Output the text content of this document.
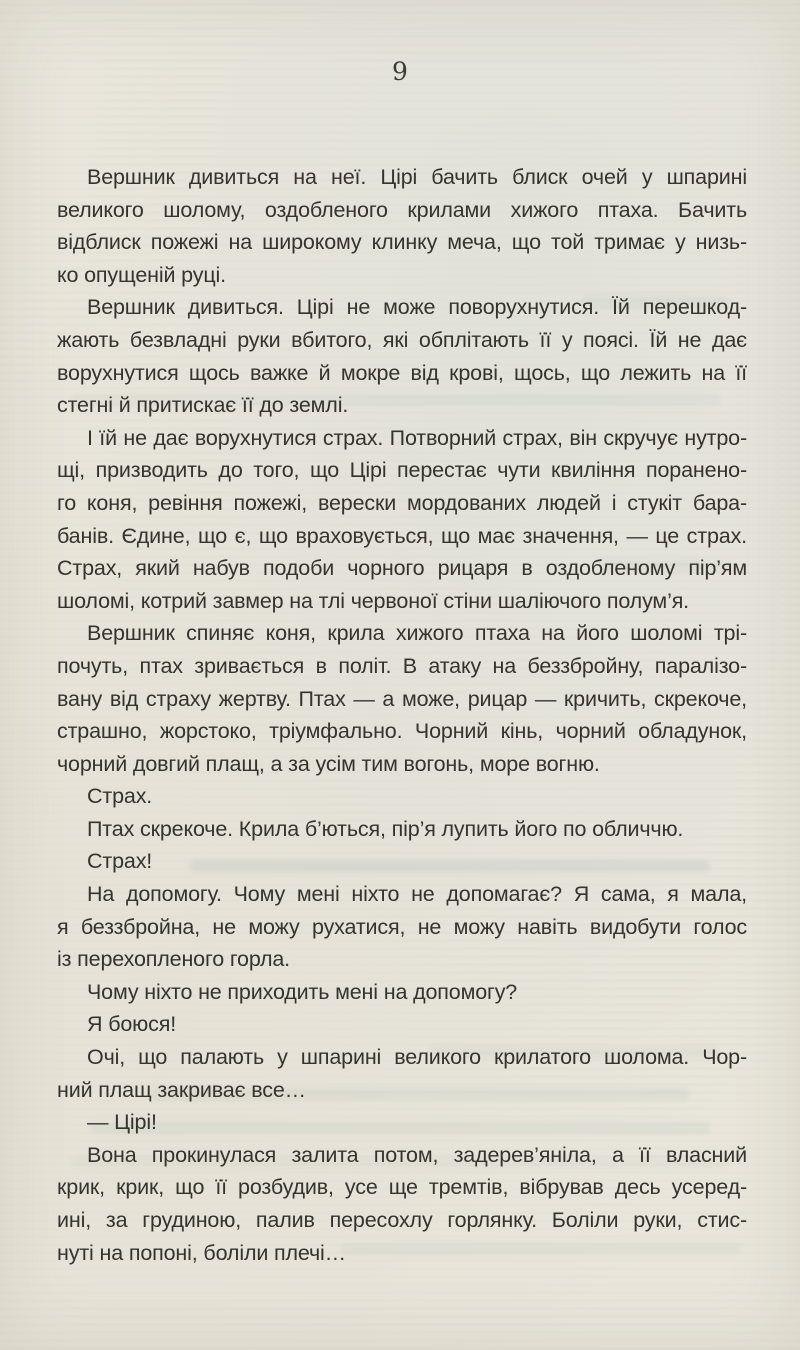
9
Вершник дивиться на неї. Цірі бачить блиск очей у шпарині
великого шолому, оздобленого крилами хижого птаха. Бачить
відблиск пожежі на широкому клинку меча, що той тримає у низь-
ко опущеній руці.
Вершник дивиться. Цірі не може поворухнутися. Їй перешкод-
жають безвладні руки вбитого, які обплітають її у поясі. Їй не дає
ворухнутися щось важке й мокре від крові, щось, що лежить на її
стегні й притискає її до землі.
І їй не дає ворухнутися страх. Потворний страх, він скручує нутро-
щі, призводить до того, що Цірі перестає чути квиління поранено-
го коня, ревіння пожежі, верески мордованих людей і стукіт бара-
банів. Єдине, що є, що враховується, що має значення, — це страх.
Страх, який набув подоби чорного рицаря в оздобленому пір’ям
шоломі, котрий завмер на тлі червоної стіни шаліючого полум’я.
Вершник спиняє коня, крила хижого птаха на його шоломі трі-
почуть, птах зривається в політ. В атаку на беззбройну, паралізо-
вану від страху жертву. Птах — а може, рицар — кричить, скрекоче,
страшно, жорстоко, тріумфально. Чорний кінь, чорний обладунок,
чорний довгий плащ, а за усім тим вогонь, море вогню.
Страх.
Птах скрекоче. Крила б’ються, пір’я лупить його по обличчю.
Страх!
На допомогу. Чому мені ніхто не допомагає? Я сама, я мала,
я беззбройна, не можу рухатися, не можу навіть видобути голос
із перехопленого горла.
Чому ніхто не приходить мені на допомогу?
Я боюся!
Очі, що палають у шпарині великого крилатого шолома. Чор-
ний плащ закриває все…
— Цірі!
Вона прокинулася залита потом, задерев’яніла, а її власний
крик, крик, що її розбудив, усе ще тремтів, вібрував десь усеред-
ині, за грудиною, палив пересохлу горлянку. Боліли руки, стис-
нуті на попоні, боліли плечі…
